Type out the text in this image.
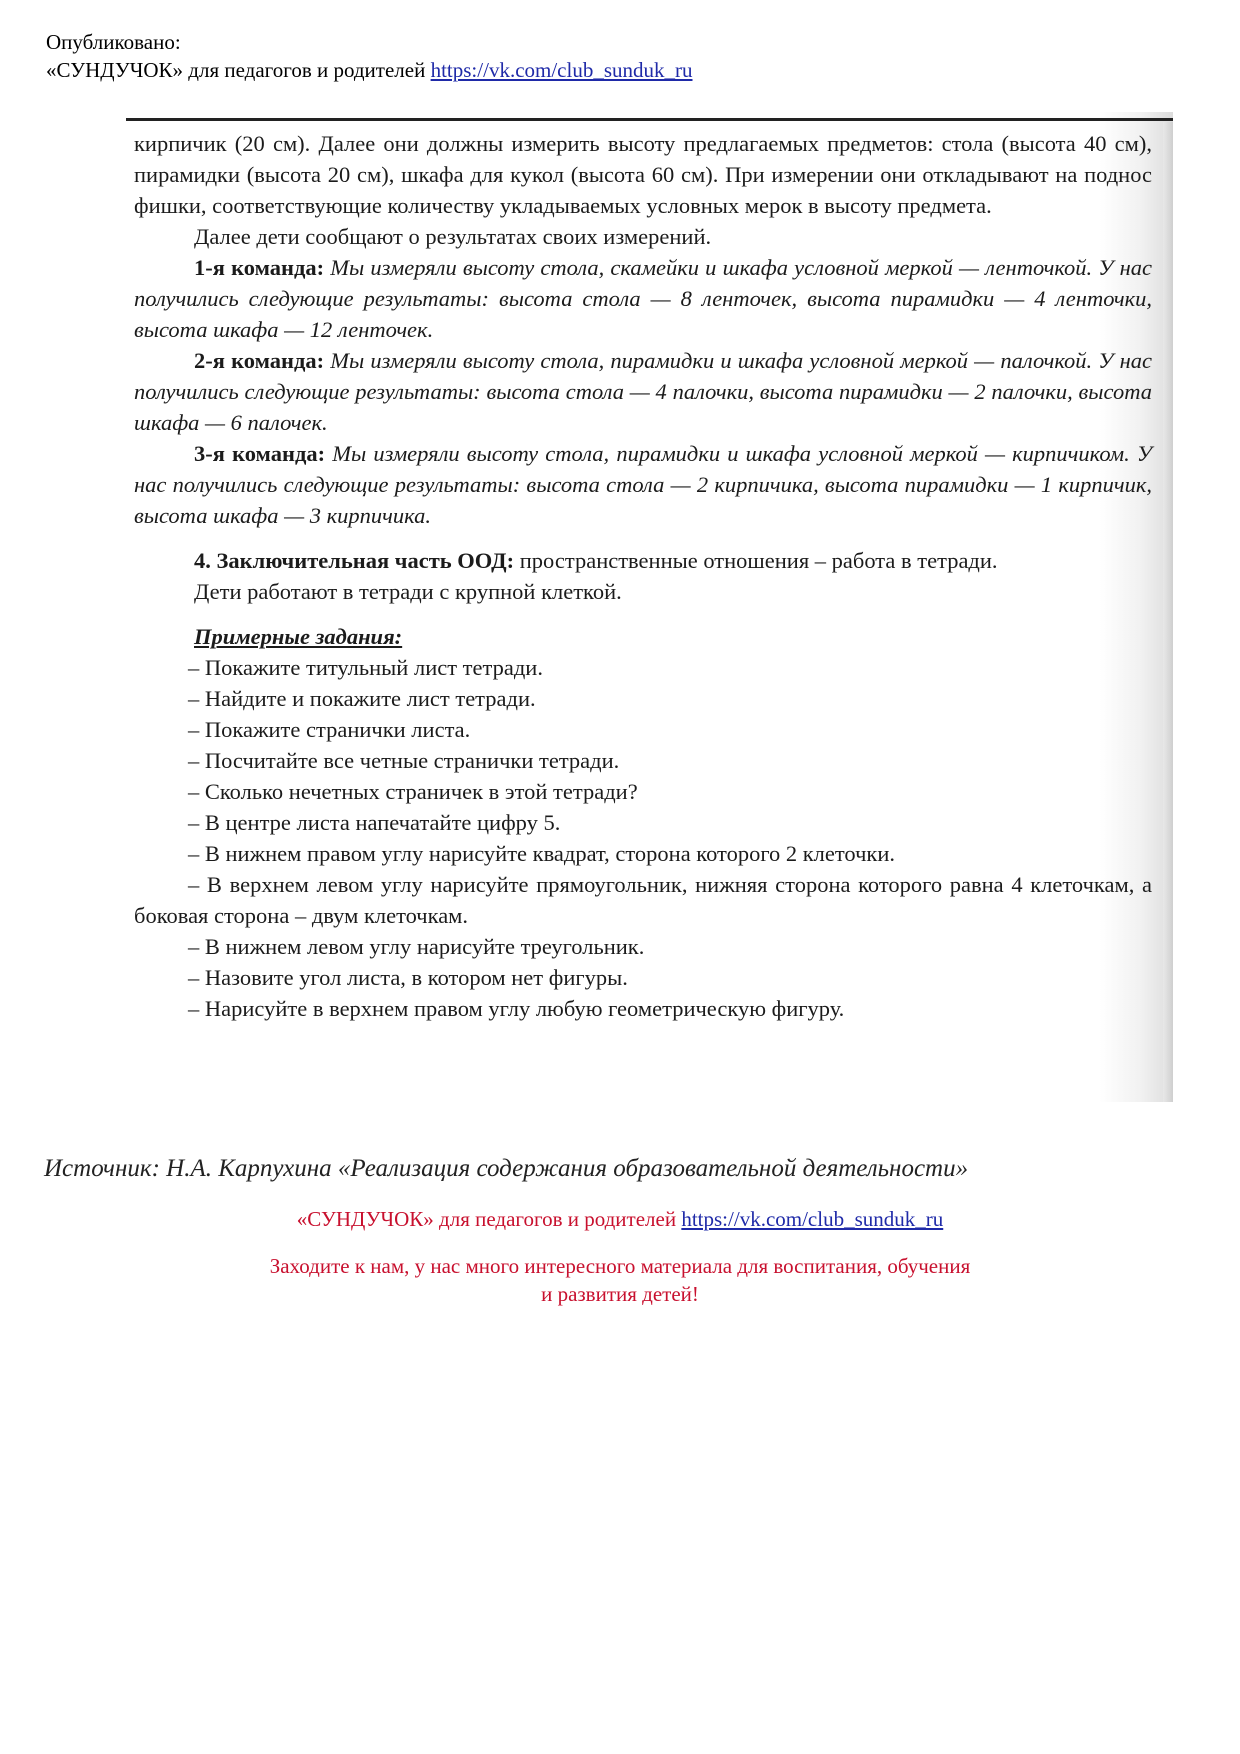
Опубликовано:
«СУНДУЧОК» для педагогов и родителей https://vk.com/club_sunduk_ru

кирпичик (20 см). Далее они должны измерить высоту предлагаемых предметов: стола (высота 40 см), пирамидки (высота 20 см), шкафа для кукол (высота 60 см). При измерении они откладывают на поднос фишки, соответствующие количеству укладываемых условных мерок в высоту предмета.

Далее дети сообщают о результатах своих измерений.

1-я команда: Мы измеряли высоту стола, скамейки и шкафа условной меркой — ленточкой. У нас получились следующие результаты: высота стола — 8 ленточек, высота пирамидки — 4 ленточки, высота шкафа — 12 ленточек.

2-я команда: Мы измеряли высоту стола, пирамидки и шкафа условной меркой — палочкой. У нас получились следующие результаты: высота стола — 4 палочки, высота пирамидки — 2 палочки, высота шкафа — 6 палочек.

3-я команда: Мы измеряли высоту стола, пирамидки и шкафа условной меркой — кирпичиком. У нас получились следующие результаты: высота стола — 2 кирпичика, высота пирамидки — 1 кирпичик, высота шкафа — 3 кирпичика.

4. Заключительная часть ООД: пространственные отношения – работа в тетради.

Дети работают в тетради с крупной клеткой.

Примерные задания:

– Покажите титульный лист тетради.

– Найдите и покажите лист тетради.

– Покажите странички листа.

– Посчитайте все четные странички тетради.

– Сколько нечетных страничек в этой тетради?

– В центре листа напечатайте цифру 5.

– В нижнем правом углу нарисуйте квадрат, сторона которого 2 клеточки.

– В верхнем левом углу нарисуйте прямоугольник, нижняя сторона которого равна 4 клеточкам, а боковая сторона – двум клеточкам.

– В нижнем левом углу нарисуйте треугольник.

– Назовите угол листа, в котором нет фигуры.

– Нарисуйте в верхнем правом углу любую геометрическую фигуру.

Источник: Н.А. Карпухина «Реализация содержания образовательной деятельности»
«СУНДУЧОК» для педагогов и родителей https://vk.com/club_sunduk_ru
Заходите к нам, у нас много интересного материала для воспитания, обучения
и развития детей!
